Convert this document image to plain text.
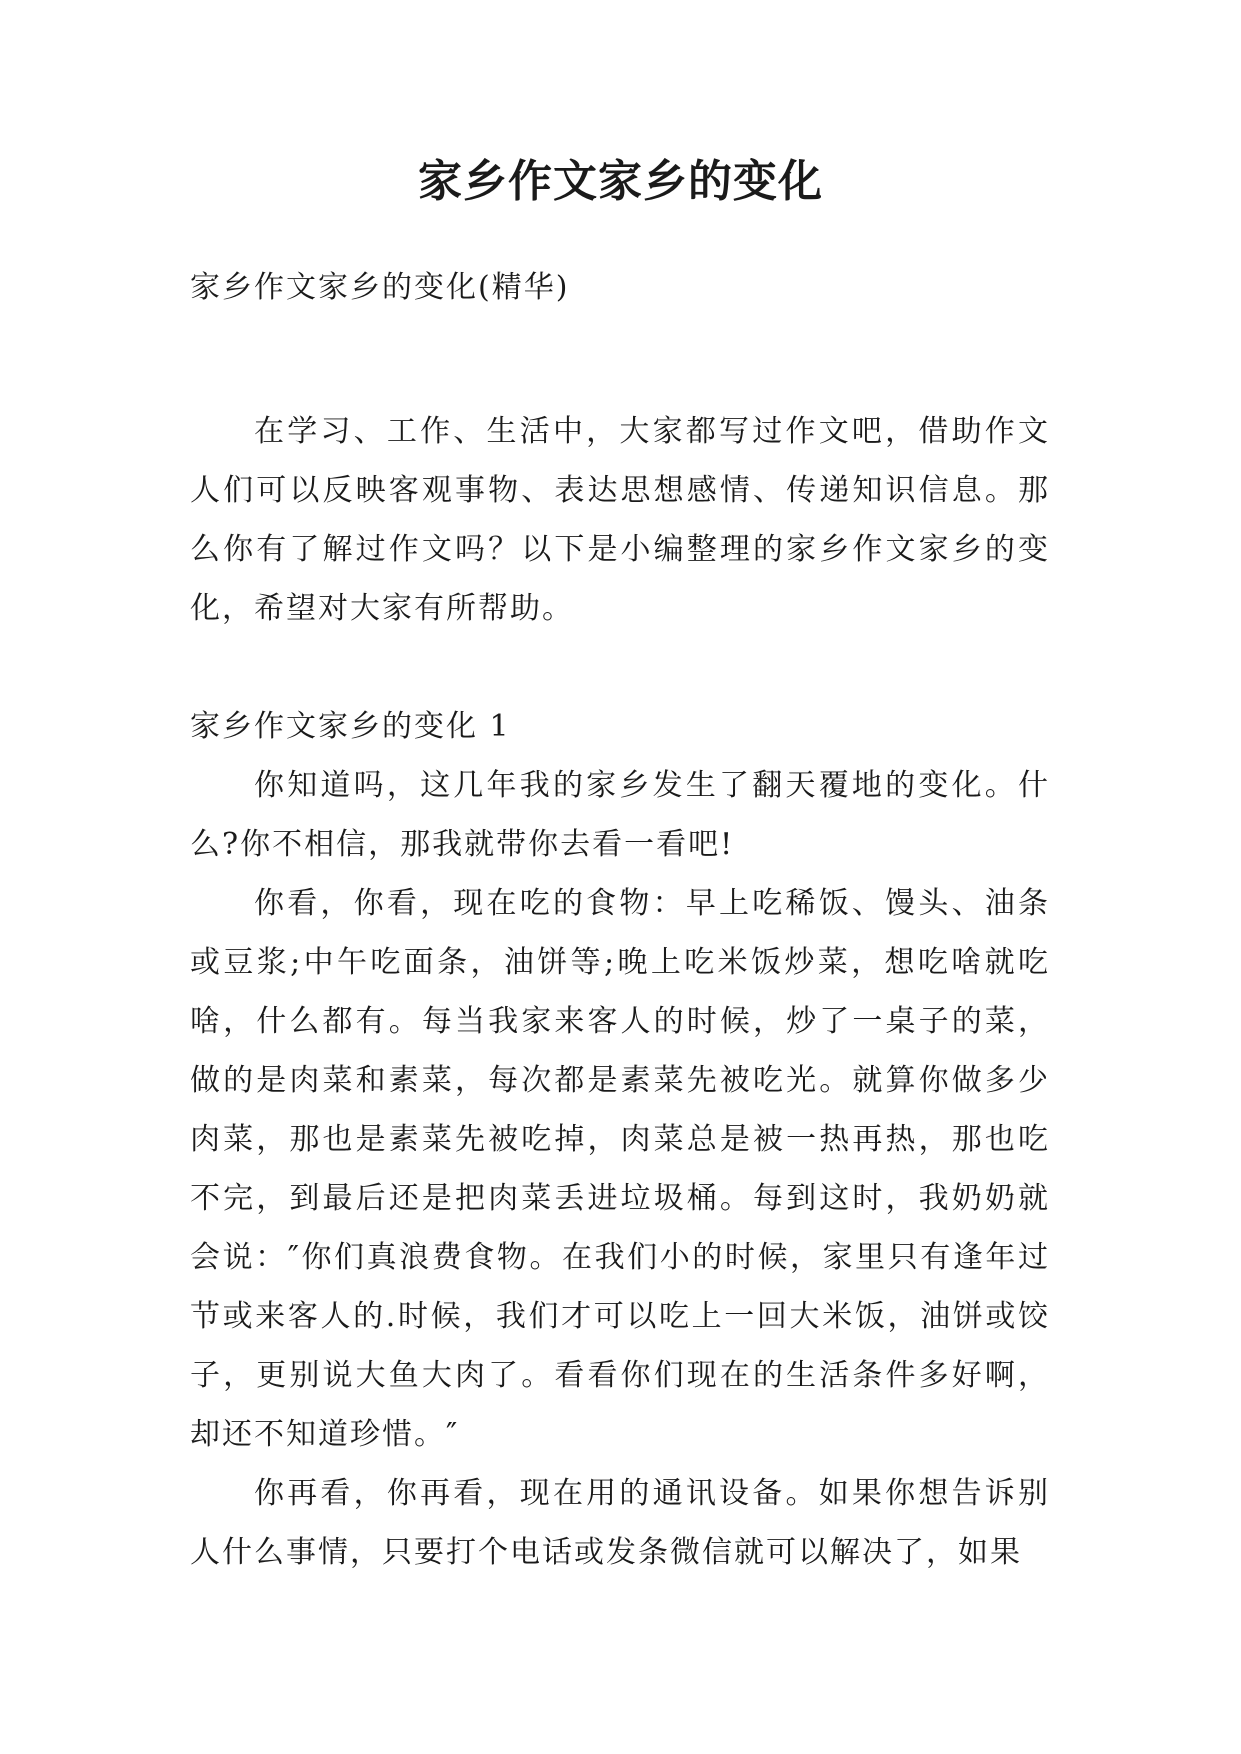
家乡作文家乡的变化

家乡作文家乡的变化(精华)

在学习、工作、生活中，大家都写过作文吧，借助作文人们可以反映客观事物、表达思想感情、传递知识信息。那么你有了解过作文吗？以下是小编整理的家乡作文家乡的变化，希望对大家有所帮助。

家乡作文家乡的变化 1

你知道吗，这几年我的家乡发生了翻天覆地的变化。什么?你不相信，那我就带你去看一看吧!

你看，你看，现在吃的食物：早上吃稀饭、馒头、油条或豆浆;中午吃面条，油饼等;晚上吃米饭炒菜，想吃啥就吃啥，什么都有。每当我家来客人的时候，炒了一桌子的菜，做的是肉菜和素菜，每次都是素菜先被吃光。就算你做多少肉菜，那也是素菜先被吃掉，肉菜总是被一热再热，那也吃不完，到最后还是把肉菜丢进垃圾桶。每到这时，我奶奶就会说：″你们真浪费食物。在我们小的时候，家里只有逢年过节或来客人的.时候，我们才可以吃上一回大米饭，油饼或饺子，更别说大鱼大肉了。看看你们现在的生活条件多好啊，却还不知道珍惜。″

你再看，你再看，现在用的通讯设备。如果你想告诉别人什么事情，只要打个电话或发条微信就可以解决了，如果
